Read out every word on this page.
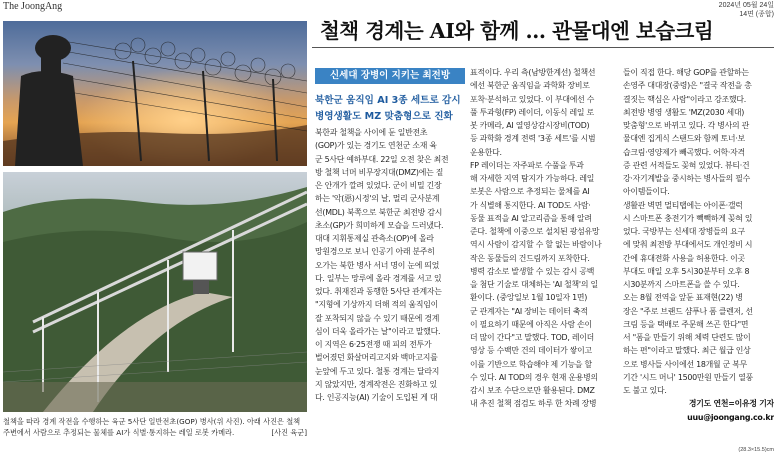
The JoongAng	2024년 05월 24일
14면 (종합)
철책을 따라 경계 작전을 수행하는 육군 5사단 일반전초(GOP) 병사(위 사진). 아래 사진은 철책 주변에서 사람으로 추정되는 물체를 AI가 식별·통지하는 레일 로봇 카메라.	[사진 육군]
철책 경계는 AI와 함께 … 관물대엔 보습크림
신세대 장병이 지키는 최전방
북한군 움직임 AI 3종 세트로 감시
병영생활도 MZ 맞춤형으로 진화
북한과 철책을 사이에 둔 일반전초
(GOP)가 있는 경기도 연천군 소재 육
군 5사단 예하부대. 22일 오전 찾은 최전
방 철책 너머 비무장지대(DMZ)에는 짙
은 안개가 깔려 있었다. 군이 비밀 긴장
하는 '악(惡)시정'의 날, 멀리 군사분계
선(MDL) 북쪽으로 북한군 최전방 감시
초소(GP)가 희미하게 모습을 드러냈다.
대대 지휘통제실 관측소(OP)에 올라
망원경으로 보니 인공기 아래 분주히
오가는 북한 병사 서너 명이 눈에 띄었
다. 일부는 망루에 올라 경계를 서고 있
었다. 취재진과 동행한 5사단 관계자는
"지형에 기상까지 더해 적의 움직임이
잘 포착되지 않을 수 있기 때문에 경계
심이 더욱 올라가는 날"이라고 말했다.
이 지역은 6·25전쟁 때 피의 전투가
벌어졌던 화살머리고지와 백마고지를
눈앞에 두고 있다. 철통 경계는 달라지
지 않았지만, 경계작전은 진화하고 있
다. 인공지능(AI) 기술이 도입된 게 대
표적이다. 우리 측(남방한계선) 철책선
에선 북한군 움직임을 과학화 장비로
포착·분석하고 있었다. 이 부대에선 수
풀 투과형(FP) 레이더, 이동식 레일 로
봇 카메라, AI 열영상감시장비(TOD)
등 과학화 경계 전력 '3종 세트'를 시범
운용한다.
FP 레이더는 자주파로 수풀을 투과
해 자세한 지역 탐지가 가능하다. 레일
로봇은 사람으로 추정되는 물체를 AI
가 식별해 통지한다. AI TOD도 사람·
동물 표적을 AI 알고리즘을 통해 알려
준다. 철책에 이중으로 설치된 광섬유망
역시 사람이 감지할 수 할 없는 바람이나
작은 동물들의 건드림까지 포착한다.
병력 감소로 발생할 수 있는 감시 공백
을 첨단 기술로 대체하는 'AI 철책'의 일
환이다. (중앙일보 1월 10일자 1면)
군 관계자는 "AI 장비는 데이터 축적
이 필요하기 때문에 아직은 사람 손이
더 많이 간다"고 말했다. TOD, 레이더
영상 등 수백만 건의 데이터가 쌓이고
이를 기반으로 학습해야 제 기능을 할
수 있다. AI TOD의 경우 현재 운용병의
감시 보조 수단으로만 활용된다. DMZ
내 추진 철책 점검도 하루 한 차례 장병
들이 직접 한다. 해당 GOP를 관할하는
손영주 대대장(중령)은 "결국 작전을 총
결짓는 핵심은 사람"이라고 강조했다.
최전방 병영 생활도 'MZ(2030 세대)
맞춤형'으로 바뀌고 있다. 각 병사의 관
물대엔 집게식 스탠드와 함께 토너·보
습크림·영양제가 빼곡했다. 어학·자격
증 관련 서적들도 꽂혀 있었다. 뷰티·건
강·자기계발을 중시하는 병사들의 필수
아이템들이다.
생활관 벽면 멀티탭에는 아이폰·갤럭
시 스마트폰 충전기가 빽빽하게 꽂혀 있
었다. 국방부는 신세대 장병들의 요구
에 맞춰 최전방 부대에서도 개인정비 시
간에 휴대전화 사용을 허용한다. 이곳
부대도 매일 오후 5시30분부터 오후 8
시30분까지 스마트폰을 쓸 수 있다.
오는 8월 전역을 앞둔 표재현(22) 병
장은 "주로 브랜드 샴푸나 폼 클렌저, 선
크림 등을 택배로 주문해 쓰곤 한다"면
서 "폼을 만들기 위해 체력 단련도 많이
하는 편"이라고 말했다. 최근 월급 인상
으로 병사들 사이에선 18개월 군 복무
기간 '시드 머니' 1500만원 만들기 열풍
도 불고 있다.
경기도 연천=이유정 기자
uuu@joongang.co.kr
(28.3×15.5)cm
